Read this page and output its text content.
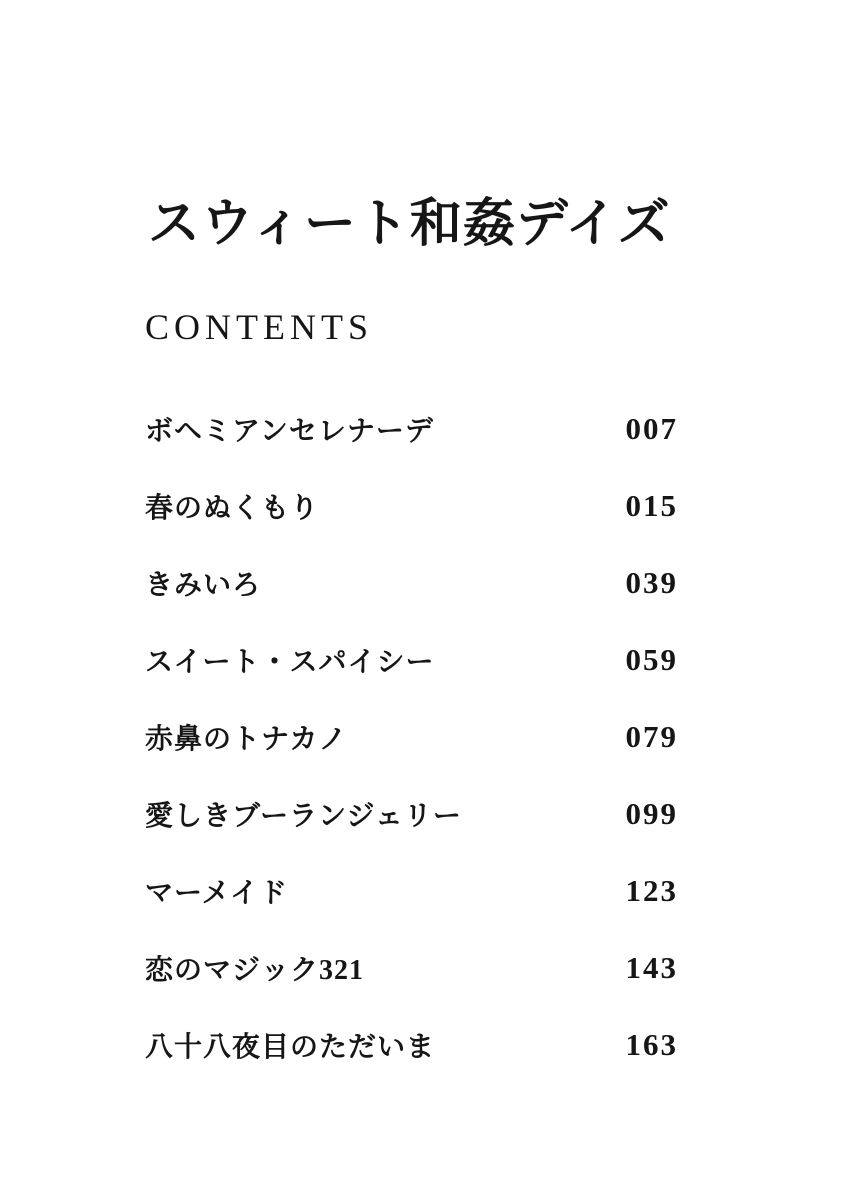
スウィート和姦デイズ
CONTENTS
ボヘミアンセレナーデ	007
春のぬくもり	015
きみいろ	039
スイート・スパイシー	059
赤鼻のトナカノ	079
愛しきブーランジェリー	099
マーメイド	123
恋のマジック321	143
八十八夜目のただいま	163
